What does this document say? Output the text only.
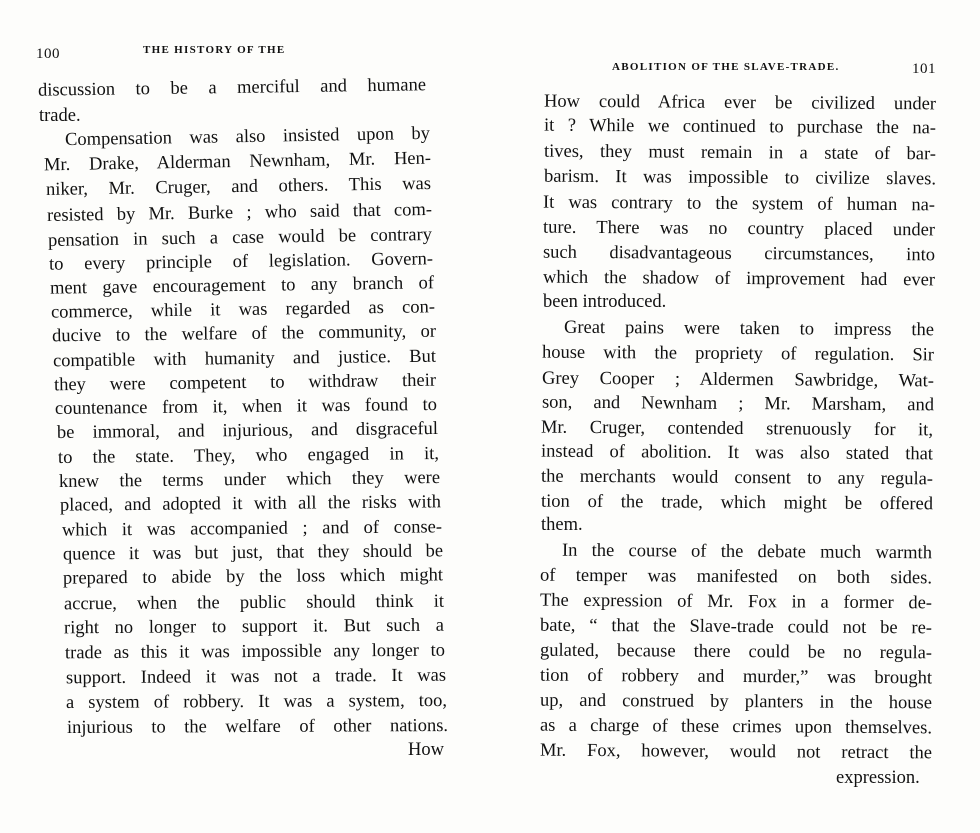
100	THE HISTORY OF THE
discussion to be a merciful and humane
trade.
Compensation was also insisted upon by
Mr. Drake, Alderman Newnham, Mr. Hen-
niker, Mr. Cruger, and others. This was
resisted by Mr. Burke ; who said that com-
pensation in such a case would be contrary
to every principle of legislation. Govern-
ment gave encouragement to any branch of
commerce, while it was regarded as con-
ducive to the welfare of the community, or
compatible with humanity and justice. But
they were competent to withdraw their
countenance from it, when it was found to
be immoral, and injurious, and disgraceful
to the state. They, who engaged in it,
knew the terms under which they were
placed, and adopted it with all the risks with
which it was accompanied ; and of conse-
quence it was but just, that they should be
prepared to abide by the loss which might
accrue, when the public should think it
right no longer to support it. But such a
trade as this it was impossible any longer to
support. Indeed it was not a trade. It was
a system of robbery. It was a system, too,
injurious to the welfare of other nations.
How
ABOLITION OF THE SLAVE-TRADE.	101
How could Africa ever be civilized under
it ? While we continued to purchase the na-
tives, they must remain in a state of bar-
barism. It was impossible to civilize slaves.
It was contrary to the system of human na-
ture. There was no country placed under
such disadvantageous circumstances, into
which the shadow of improvement had ever
been introduced.
Great pains were taken to impress the
house with the propriety of regulation. Sir
Grey Cooper ; Aldermen Sawbridge, Wat-
son, and Newnham ; Mr. Marsham, and
Mr. Cruger, contended strenuously for it,
instead of abolition. It was also stated that
the merchants would consent to any regula-
tion of the trade, which might be offered
them.
In the course of the debate much warmth
of temper was manifested on both sides.
The expression of Mr. Fox in a former de-
bate, “ that the Slave-trade could not be re-
gulated, because there could be no regula-
tion of robbery and murder,” was brought
up, and construed by planters in the house
as a charge of these crimes upon themselves.
Mr. Fox, however, would not retract the
expression.
